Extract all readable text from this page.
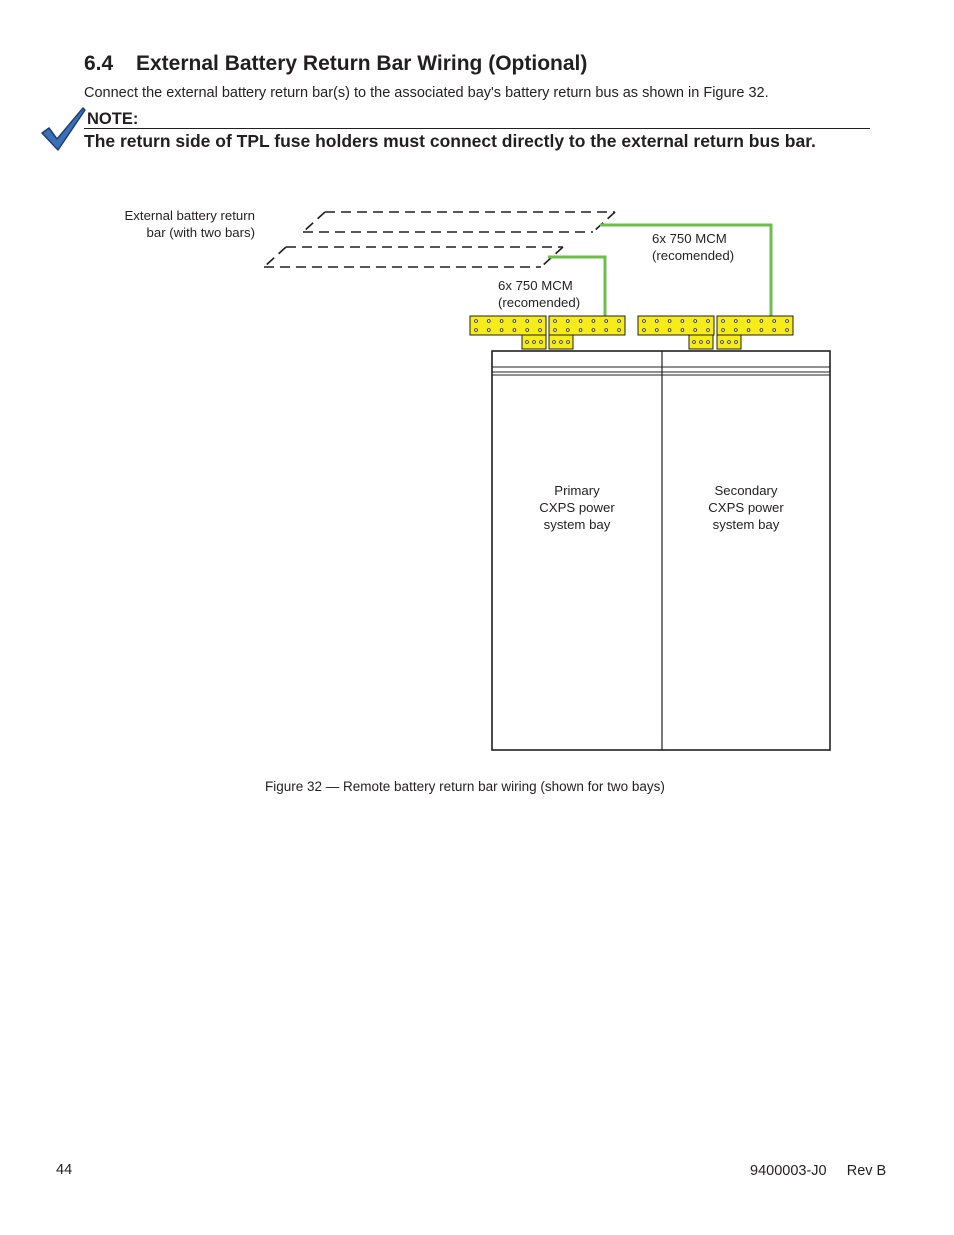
6.4 External Battery Return Bar Wiring (Optional)
Connect the external battery return bar(s) to the associated bay's battery return bus as shown in Figure 32.
NOTE:
The return side of TPL fuse holders must connect directly to the external return bus bar.
External battery return
bar (with two bars)	6x 750 MCM
(recomended)
6x 750 MCM
(recomended)
Primary
CXPS power
system bay
Secondary
CXPS power
system bay
Figure 32 — Remote battery return bar wiring (shown for two bays)
44	9400003-J0     Rev B
